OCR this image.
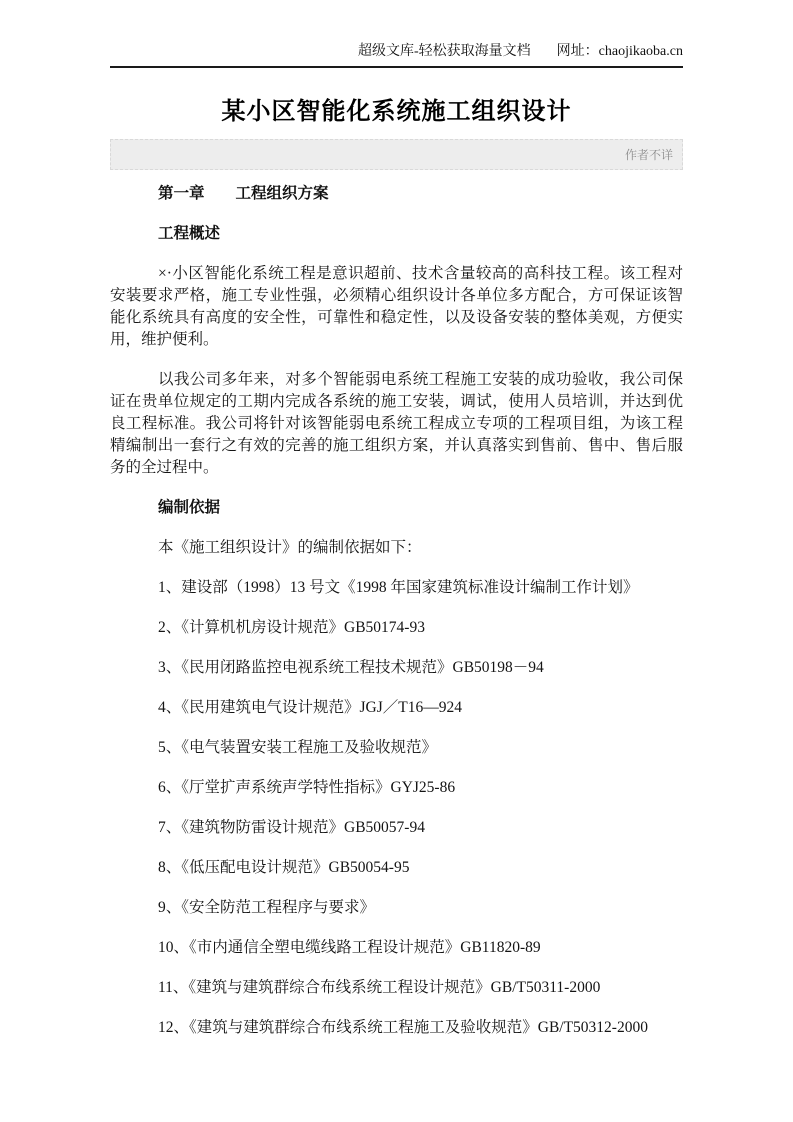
超级文库-轻松获取海量文档 网址：chaojikaoba.cn
某小区智能化系统施工组织设计
作者不详
第一章　　工程组织方案
工程概述

×·小区智能化系统工程是意识超前、技术含量较高的高科技工程。该工程对安装要求严格，施工专业性强，必须精心组织设计各单位多方配合，方可保证该智能化系统具有高度的安全性，可靠性和稳定性，以及设备安装的整体美观，方便实用，维护便利。

以我公司多年来，对多个智能弱电系统工程施工安装的成功验收，我公司保证在贵单位规定的工期内完成各系统的施工安装，调试，使用人员培训，并达到优良工程标准。我公司将针对该智能弱电系统工程成立专项的工程项目组，为该工程精编制出一套行之有效的完善的施工组织方案，并认真落实到售前、售中、售后服务的全过程中。

编制依据

本《施工组织设计》的编制依据如下：

1、建设部（1998）13 号文《1998 年国家建筑标准设计编制工作计划》

2、《计算机机房设计规范》GB50174-93

3、《民用闭路监控电视系统工程技术规范》GB50198－94

4、《民用建筑电气设计规范》JGJ／T16—924

5、《电气装置安装工程施工及验收规范》

6、《厅堂扩声系统声学特性指标》GYJ25-86

7、《建筑物防雷设计规范》GB50057-94

8、《低压配电设计规范》GB50054-95

9、《安全防范工程程序与要求》

10、《市内通信全塑电缆线路工程设计规范》GB11820-89

11、《建筑与建筑群综合布线系统工程设计规范》GB/T50311-2000

12、《建筑与建筑群综合布线系统工程施工及验收规范》GB/T50312-2000
